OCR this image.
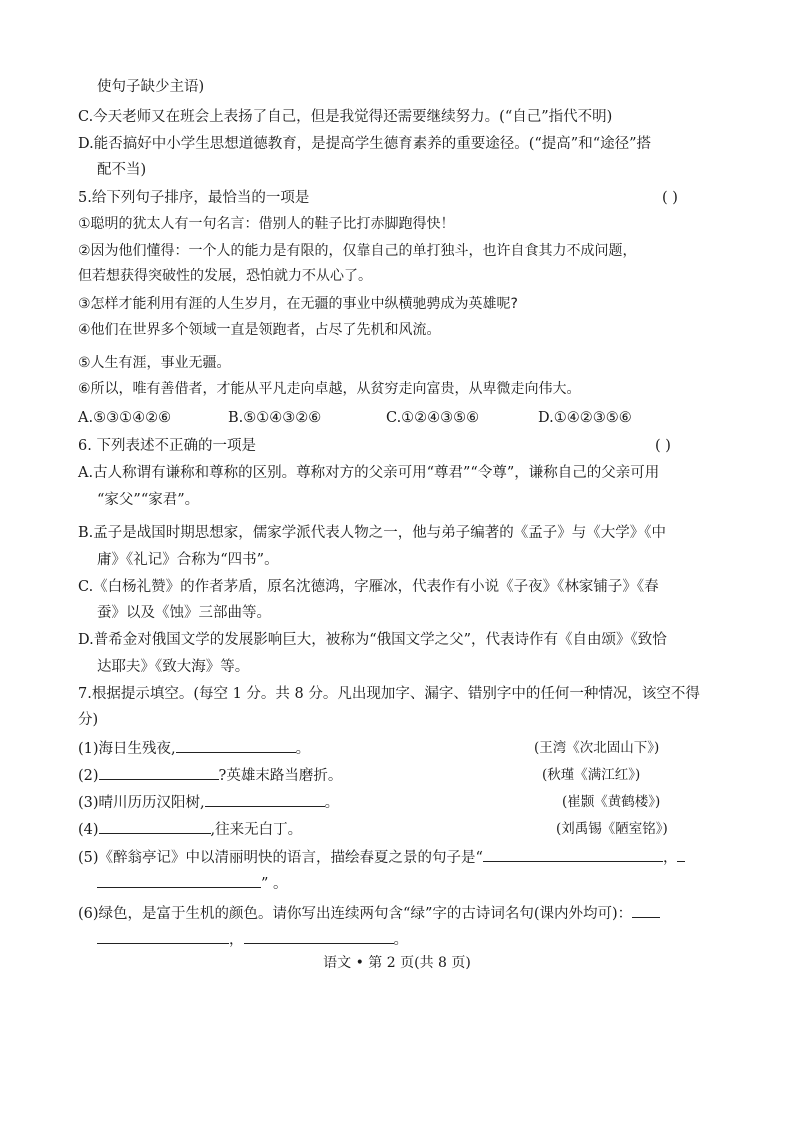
使句子缺少主语)
C.今天老师又在班会上表扬了自己，但是我觉得还需要继续努力。(“自己”指代不明)
D.能否搞好中小学生思想道德教育，是提高学生德育素养的重要途径。(“提高”和“途径”搭
配不当)
5.给下列句子排序，最恰当的一项是	( )
①聪明的犹太人有一句名言：借别人的鞋子比打赤脚跑得快！
②因为他们懂得：一个人的能力是有限的，仅靠自己的单打独斗，也许自食其力不成问题，
但若想获得突破性的发展，恐怕就力不从心了。
③怎样才能利用有涯的人生岁月，在无疆的事业中纵横驰骋成为英雄呢?
④他们在世界多个领域一直是领跑者，占尽了先机和风流。
⑤人生有涯，事业无疆。
⑥所以，唯有善借者，才能从平凡走向卓越，从贫穷走向富贵，从卑微走向伟大。
A.⑤③①④②⑥	B.⑤①④③②⑥	C.①②④③⑤⑥	D.①④②③⑤⑥
6. 下列表述不正确的一项是	( )
A.古人称谓有谦称和尊称的区别。尊称对方的父亲可用“尊君”“令尊”，谦称自己的父亲可用
“家父”“家君”。
B.孟子是战国时期思想家，儒家学派代表人物之一，他与弟子编著的《孟子》与《大学》《中
庸》《礼记》合称为“四书”。
C.《白杨礼赞》的作者茅盾，原名沈德鸿，字雁冰，代表作有小说《子夜》《林家铺子》《春
蚕》以及《蚀》三部曲等。
D.普希金对俄国文学的发展影响巨大，被称为“俄国文学之父”，代表诗作有《自由颂》《致恰
达耶夫》《致大海》等。
7.根据提示填空。(每空 1 分。共 8 分。凡出现加字、漏字、错别字中的任何一种情况，该空不得
分)
(1)海日生残夜,	。	(王湾《次北固山下》)
(2)	?英雄末路当磨折。	(秋瑾《满江红》)
(3)晴川历历汉阳树,	。	(崔颢《黄鹤楼》)
(4)	,往来无白丁。	(刘禹锡《陋室铭》)
(5)《醉翁亭记》中以清丽明快的语言，描绘春夏之景的句子是“	，
” 。
(6)绿色，是富于生机的颜色。请你写出连续两句含“绿”字的古诗词名句(课内外均可)：
，	。
语文 • 第 2 页(共 8 页)
